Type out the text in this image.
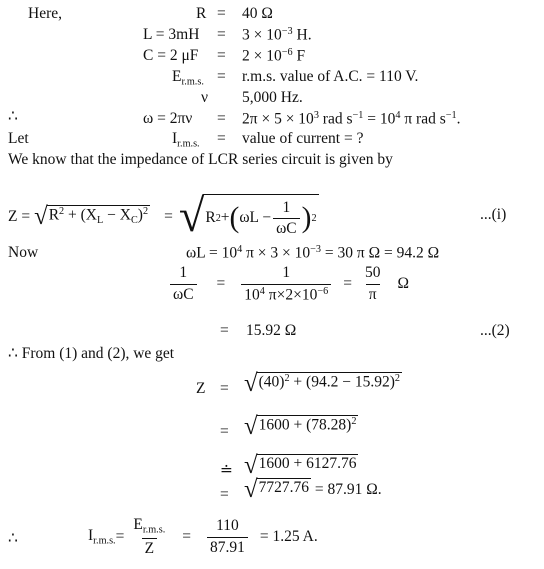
Here,	R = 40 Ω
$L = 3mH = 3 \times 10^{-3}$ H.
C = 2 $\mu F = 2 \times 10^{-6}$ F
$E_{r.m.s.} = r.m.s$. value of A.C. = 110 V.
ν 5,000 Hz.
∴	$\omega = 2\pi\nu = 2\pi \times 5 \times 10^3$ rad $s^{-1} = 10^4$ π rad $s^{-1}$.
Let	$I_{r.m.s.}$ = value of current = ?
We know that the impedance of LCR series circuit is given by
Z = √ $R^2 + (X_L - X_C)^2$ = √ R 2 + ( $\omega L - \frac{1}{\omega C}$ ) 2	...(i)
Now	$\omega L = 10^4$ $\pi \times 3 \times 10^{-3} = 30$ π Ω = 94.2 Ω
$\frac{1}{\omega C} = \frac{1}{10^4 \pi\times 2\times 10^{-6}} = \frac{50}{\pi}$ Ω
= 15.92 Ω	...(2)
∴ From (1) and (2), we get
Z = √ $(40)^2 + (94.2 - 15.92)^2$
= √ $1600 + (78.28)^2$
≐ √ 1600 + 6127.76
= √ 7727.76 = 87.91 Ω.
∴	$I_{r.m.s.} = \frac{E_{r.m.s.}}{Z} = \frac{110}{87.91} = 1.25$ A.
